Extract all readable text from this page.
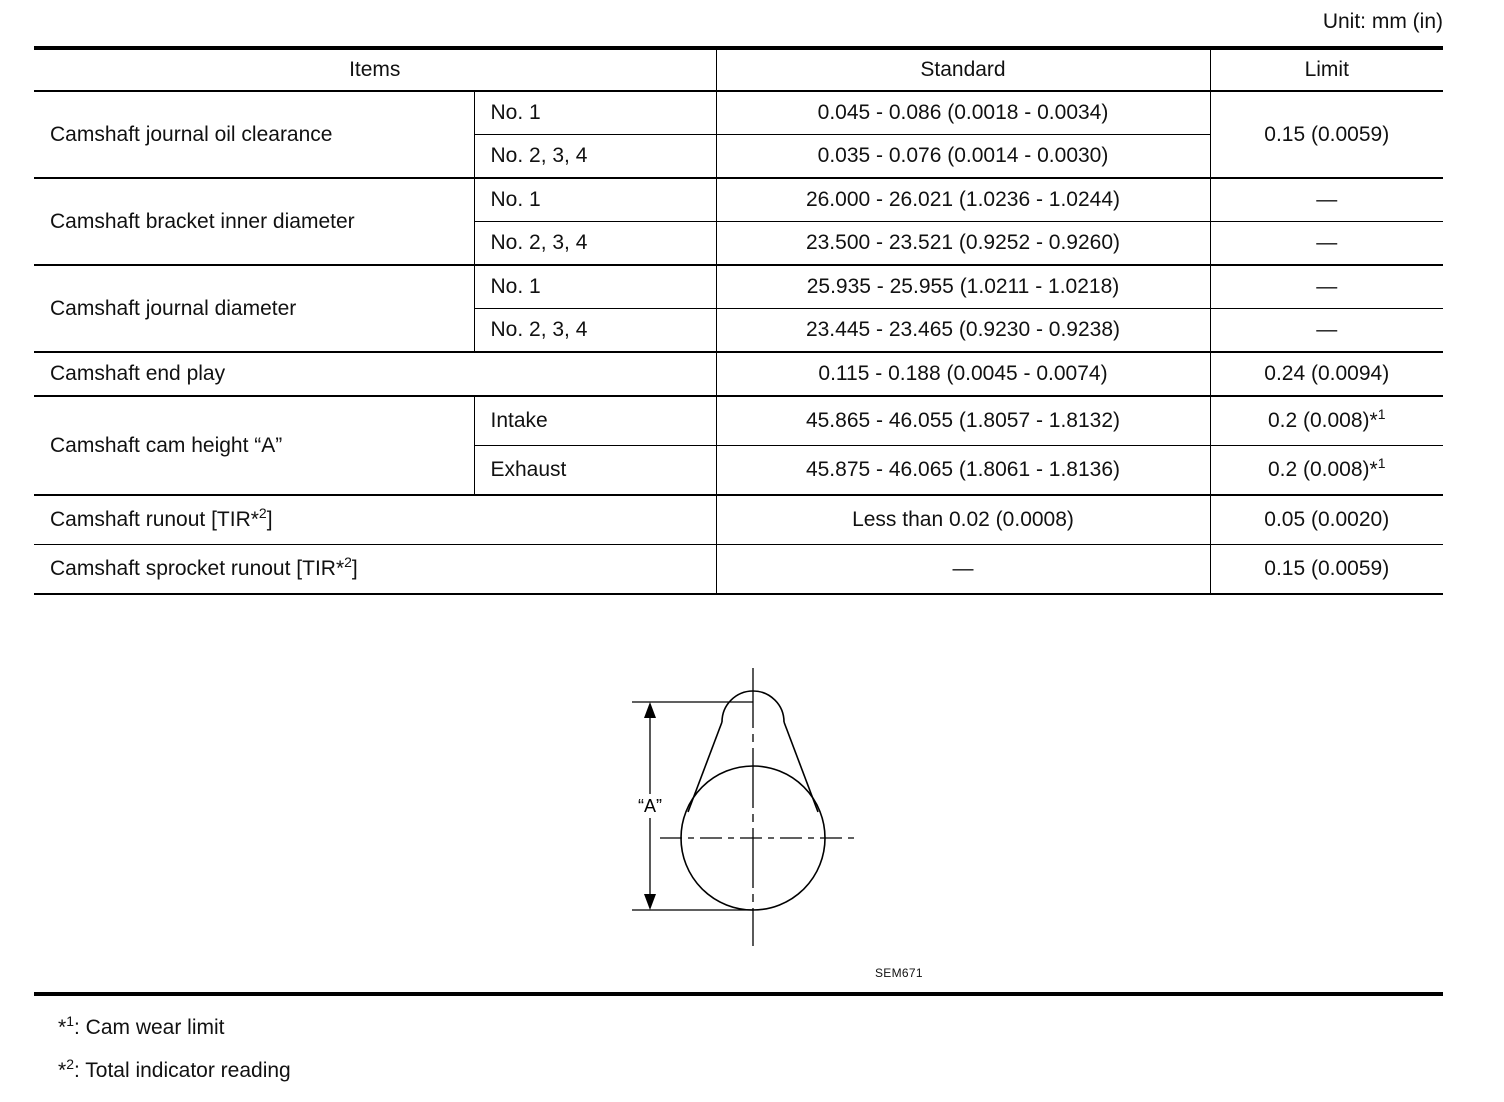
Unit: mm (in)
Items		Standard	Limit
Camshaft journal oil clearance	No. 1	0.045 - 0.086 (0.0018 - 0.0034)	0.15 (0.0059)
	No. 2, 3, 4	0.035 - 0.076 (0.0014 - 0.0030)	
Camshaft bracket inner diameter	No. 1	26.000 - 26.021 (1.0236 - 1.0244)	—
	No. 2, 3, 4	23.500 - 23.521 (0.9252 - 0.9260)	—
Camshaft journal diameter	No. 1	25.935 - 25.955 (1.0211 - 1.0218)	—
	No. 2, 3, 4	23.445 - 23.465 (0.9230 - 0.9238)	—
Camshaft end play		0.115 - 0.188 (0.0045 - 0.0074)	0.24 (0.0094)
Camshaft cam height “A”	Intake	45.865 - 46.055 (1.8057 - 1.8132)	0.2 (0.008)*$^1$
	Exhaust	45.875 - 46.065 (1.8061 - 1.8136)	0.2 (0.008)*$^1$
Camshaft runout [TIR*$^2$]		Less than 0.02 (0.0008)	0.05 (0.0020)
Camshaft sprocket runout [TIR*$^2$]		—	0.15 (0.0059)
“A”
SEM671
*$^1$: Cam wear limit
*$^2$: Total indicator reading
